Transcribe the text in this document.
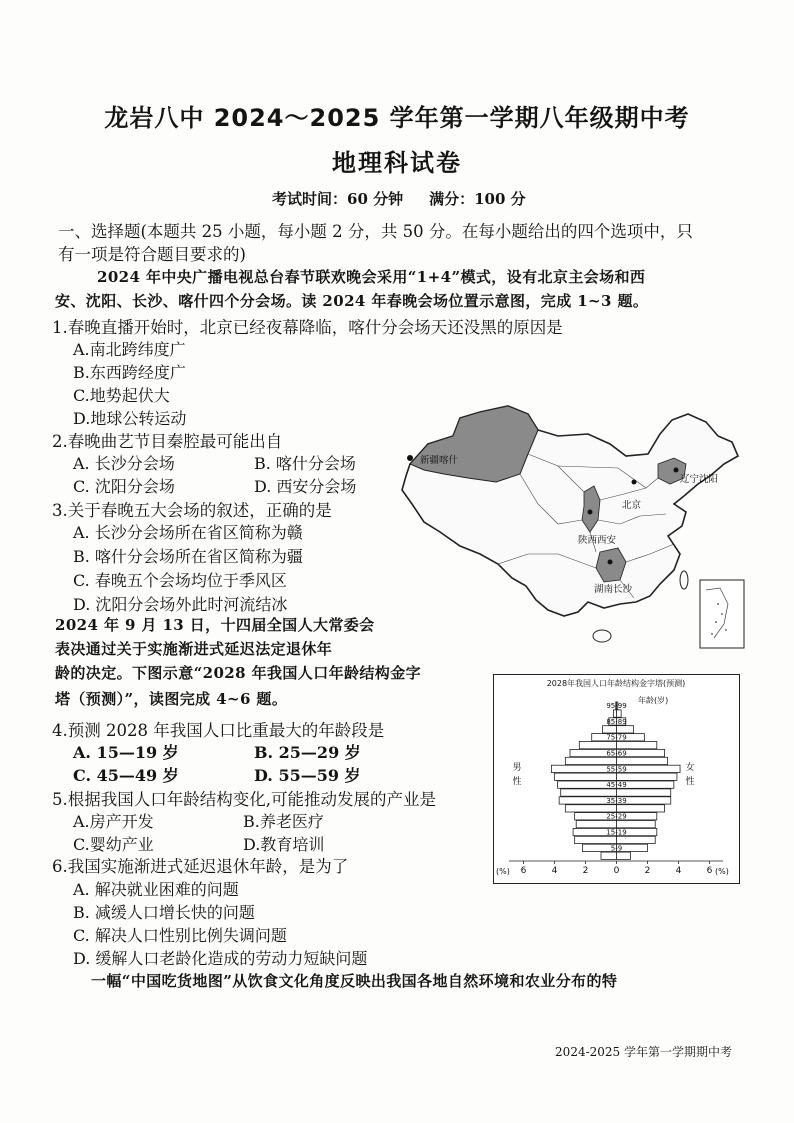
龙岩八中 2024～2025 学年第一学期八年级期中考
地理科试卷
考试时间：60 分钟 满分：100 分
一、选择题(本题共 25 小题，每小题 2 分，共 50 分。在每小题给出的四个选项中，只
有一项是符合题目要求的)
2024 年中央广播电视总台春节联欢晚会采用“1+4”模式，设有北京主会场和西
安、沈阳、长沙、喀什四个分会场。读 2024 年春晚会场位置示意图，完成 1~3 题。
1.春晚直播开始时，北京已经夜幕降临，喀什分会场天还没黑的原因是
A.南北跨纬度广
B.东西跨经度广
C.地势起伏大
D.地球公转运动
2.春晚曲艺节目秦腔最可能出自
A. 长沙分会场	B. 喀什分会场
C. 沈阳分会场	D. 西安分会场
3.关于春晚五大会场的叙述，正确的是
A. 长沙分会场所在省区简称为赣
B. 喀什分会场所在省区简称为疆
C. 春晚五个会场均位于季风区
D. 沈阳分会场外此时河流结冰
2024 年 9 月 13 日，十四届全国人大常委会
表决通过关于实施渐进式延迟法定退休年
龄的决定。下图示意“2028 年我国人口年龄结构金字
塔（预测）”，读图完成 4~6 题。
4.预测 2028 年我国人口比重最大的年龄段是
A. 15—19 岁	B. 25—29 岁
C. 45—49 岁	D. 55—59 岁
5.根据我国人口年龄结构变化,可能推动发展的产业是
A.房产开发	B.养老医疗
C.婴幼产业	D.教育培训
6.我国实施渐进式延迟退休年龄，是为了
A. 解决就业困难的问题
B. 减缓人口增长快的问题
C. 解决人口性别比例失调问题
D. 缓解人口老龄化造成的劳动力短缺问题
一幅“中国吃货地图”从饮食文化角度反映出我国各地自然环境和农业分布的特
2024-2025 学年第一学期期中考
新疆喀什
北京
辽宁沈阳
陕西西安
湖南长沙
2028年我国人口年龄结构金字塔(预测)
年龄(岁)
男
性
女
性
(%)	(%)
5-9
15-19
25-29
35-39
45-49
55-59
65-69
75-79
85-89
95-99
6	4	2	0	2	4	6
